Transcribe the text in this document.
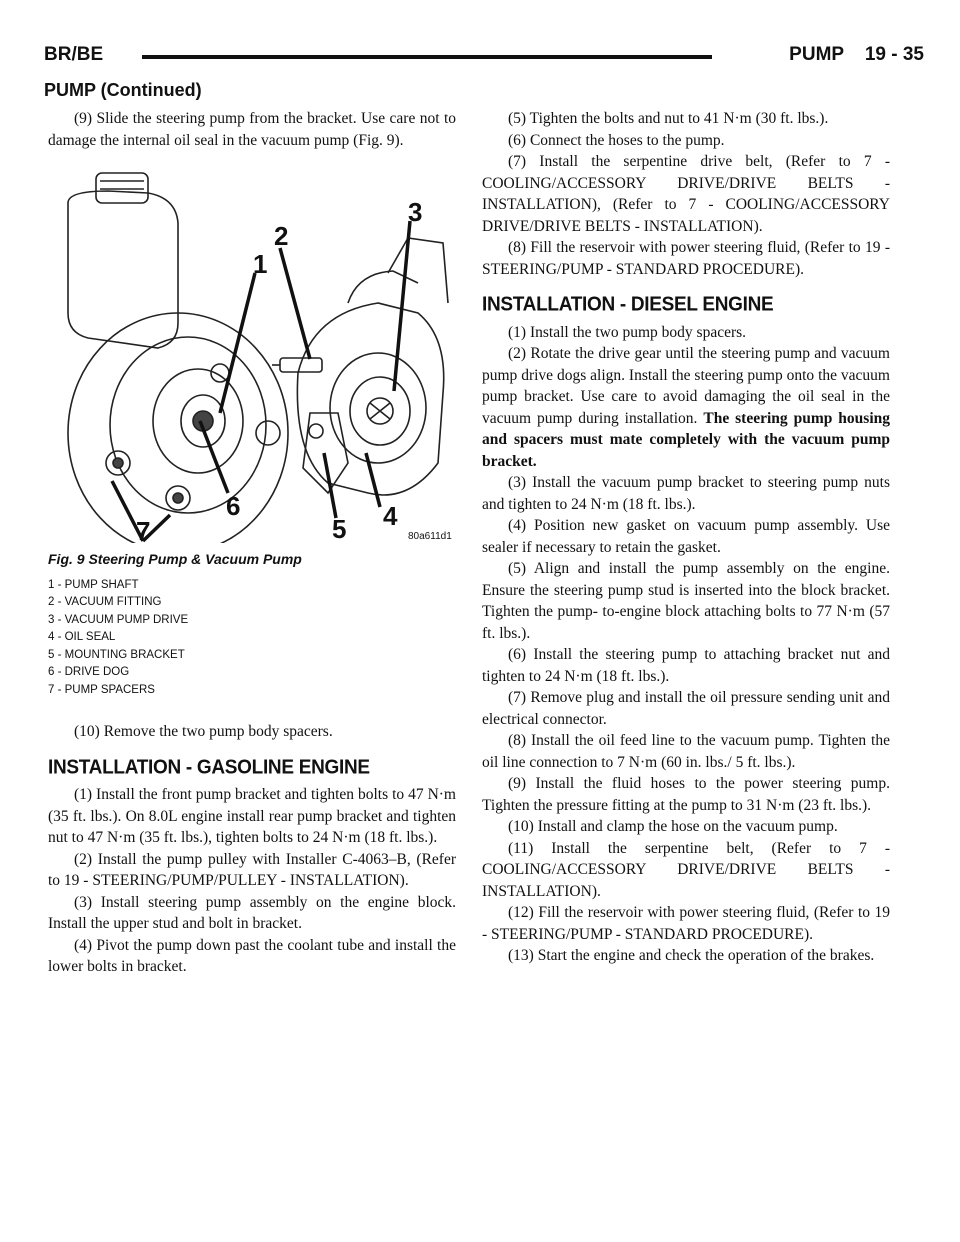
BR/BE	PUMP    19 - 35
PUMP (Continued)

(9) Slide the steering pump from the bracket. Use care not to damage the internal oil seal in the vacuum pump (Fig. 9).

1
2
3
4
5
6
7	80a611d1
Fig. 9 Steering Pump & Vacuum Pump
1 - PUMP SHAFT
2 - VACUUM FITTING
3 - VACUUM PUMP DRIVE
4 - OIL SEAL
5 - MOUNTING BRACKET
6 - DRIVE DOG
7 - PUMP SPACERS

(10) Remove the two pump body spacers.

INSTALLATION - GASOLINE ENGINE

(1) Install the front pump bracket and tighten bolts to 47 N·m (35 ft. lbs.). On 8.0L engine install rear pump bracket and tighten nut to 47 N·m (35 ft. lbs.), tighten bolts to 24 N·m (18 ft. lbs.).

(2) Install the pump pulley with Installer C-4063–B, (Refer to 19 - STEERING/PUMP/PULLEY - INSTALLATION).

(3) Install steering pump assembly on the engine block. Install the upper stud and bolt in bracket.

(4) Pivot the pump down past the coolant tube and install the lower bolts in bracket.

(5) Tighten the bolts and nut to 41 N·m (30 ft. lbs.).

(6) Connect the hoses to the pump.

(7) Install the serpentine drive belt, (Refer to 7 - COOLING/ACCESSORY DRIVE/DRIVE BELTS - INSTALLATION), (Refer to 7 - COOLING/ACCESSORY DRIVE/DRIVE BELTS - INSTALLATION).

(8) Fill the reservoir with power steering fluid, (Refer to 19 - STEERING/PUMP - STANDARD PROCEDURE).

INSTALLATION - DIESEL ENGINE

(1) Install the two pump body spacers.

(2) Rotate the drive gear until the steering pump and vacuum pump drive dogs align. Install the steering pump onto the vacuum pump bracket. Use care to avoid damaging the oil seal in the vacuum pump during installation. The steering pump housing and spacers must mate completely with the vacuum pump bracket.

(3) Install the vacuum pump bracket to steering pump nuts and tighten to 24 N·m (18 ft. lbs.).

(4) Position new gasket on vacuum pump assembly. Use sealer if necessary to retain the gasket.

(5) Align and install the pump assembly on the engine. Ensure the steering pump stud is inserted into the block bracket. Tighten the pump- to-engine block attaching bolts to 77 N·m (57 ft. lbs.).

(6) Install the steering pump to attaching bracket nut and tighten to 24 N·m (18 ft. lbs.).

(7) Remove plug and install the oil pressure sending unit and electrical connector.

(8) Install the oil feed line to the vacuum pump. Tighten the oil line connection to 7 N·m (60 in. lbs./ 5 ft. lbs.).

(9) Install the fluid hoses to the power steering pump. Tighten the pressure fitting at the pump to 31 N·m (23 ft. lbs.).

(10) Install and clamp the hose on the vacuum pump.

(11) Install the serpentine belt, (Refer to 7 - COOLING/ACCESSORY DRIVE/DRIVE BELTS - INSTALLATION).

(12) Fill the reservoir with power steering fluid, (Refer to 19 - STEERING/PUMP - STANDARD PROCEDURE).

(13) Start the engine and check the operation of the brakes.
